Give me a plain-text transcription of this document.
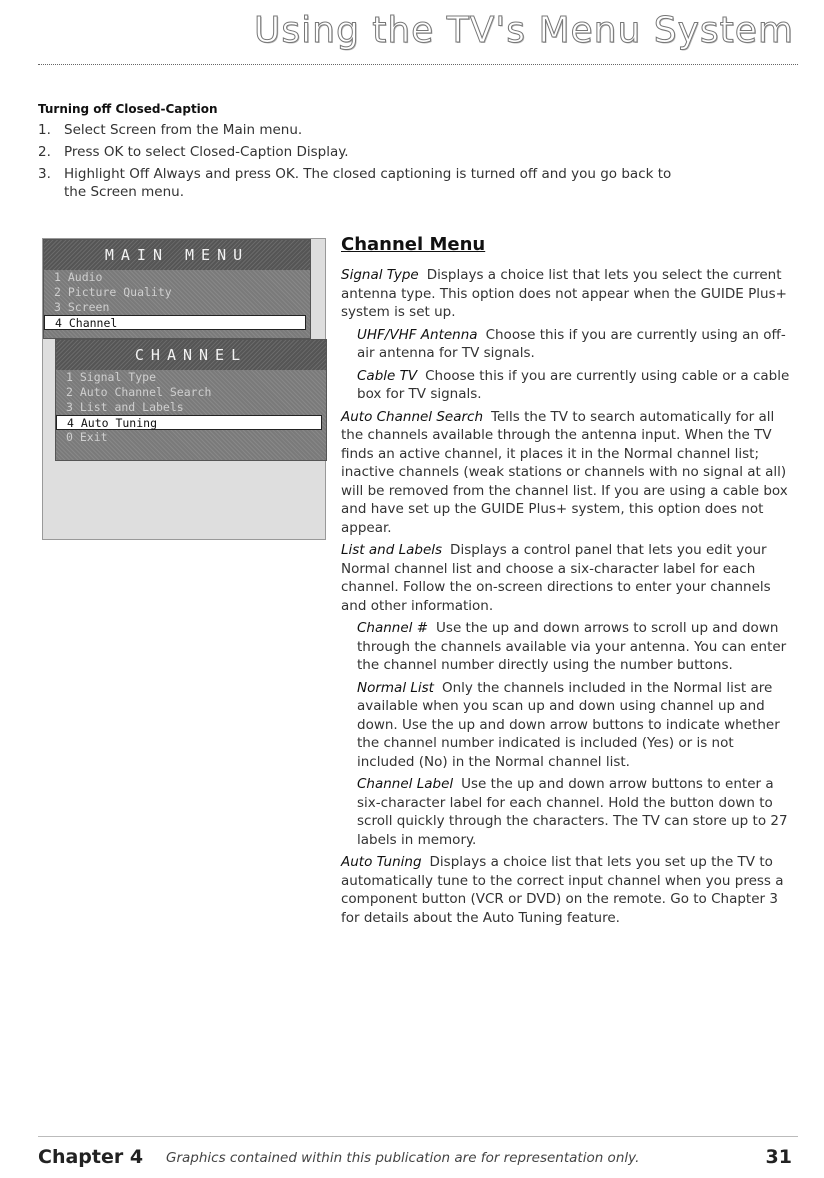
Using the TV's Menu System
Turning off Closed-Caption
1. Select Screen from the Main menu.
2. Press OK to select Closed-Caption Display.
3. Highlight Off Always and press OK. The closed captioning is turned off and you go back to the Screen menu.
MAIN MENU
1 Audio
2 Picture Quality
3 Screen
4 Channel
CHANNEL
1 Signal Type
2 Auto Channel Search
3 List and Labels
4 Auto Tuning
0 Exit
Channel Menu

Signal Type Displays a choice list that lets you select the current antenna type. This option does not appear when the GUIDE Plus+ system is set up.

UHF/VHF Antenna Choose this if you are currently using an off-air antenna for TV signals.

Cable TV Choose this if you are currently using cable or a cable box for TV signals.

Auto Channel Search Tells the TV to search automatically for all the channels available through the antenna input. When the TV finds an active channel, it places it in the Normal channel list; inactive channels (weak stations or channels with no signal at all) will be removed from the channel list. If you are using a cable box and have set up the GUIDE Plus+ system, this option does not appear.

List and Labels Displays a control panel that lets you edit your Normal channel list and choose a six-character label for each channel. Follow the on-screen directions to enter your channels and other information.

Channel # Use the up and down arrows to scroll up and down through the channels available via your antenna. You can enter the channel number directly using the number buttons.

Normal List Only the channels included in the Normal list are available when you scan up and down using channel up and down. Use the up and down arrow buttons to indicate whether the channel number indicated is included (Yes) or is not included (No) in the Normal channel list.

Channel Label Use the up and down arrow buttons to enter a six-character label for each channel. Hold the button down to scroll quickly through the characters. The TV can store up to 27 labels in memory.

Auto Tuning Displays a choice list that lets you set up the TV to automatically tune to the correct input channel when you press a component button (VCR or DVD) on the remote. Go to Chapter 3 for details about the Auto Tuning feature.

Chapter 4 Graphics contained within this publication are for representation only.	31
